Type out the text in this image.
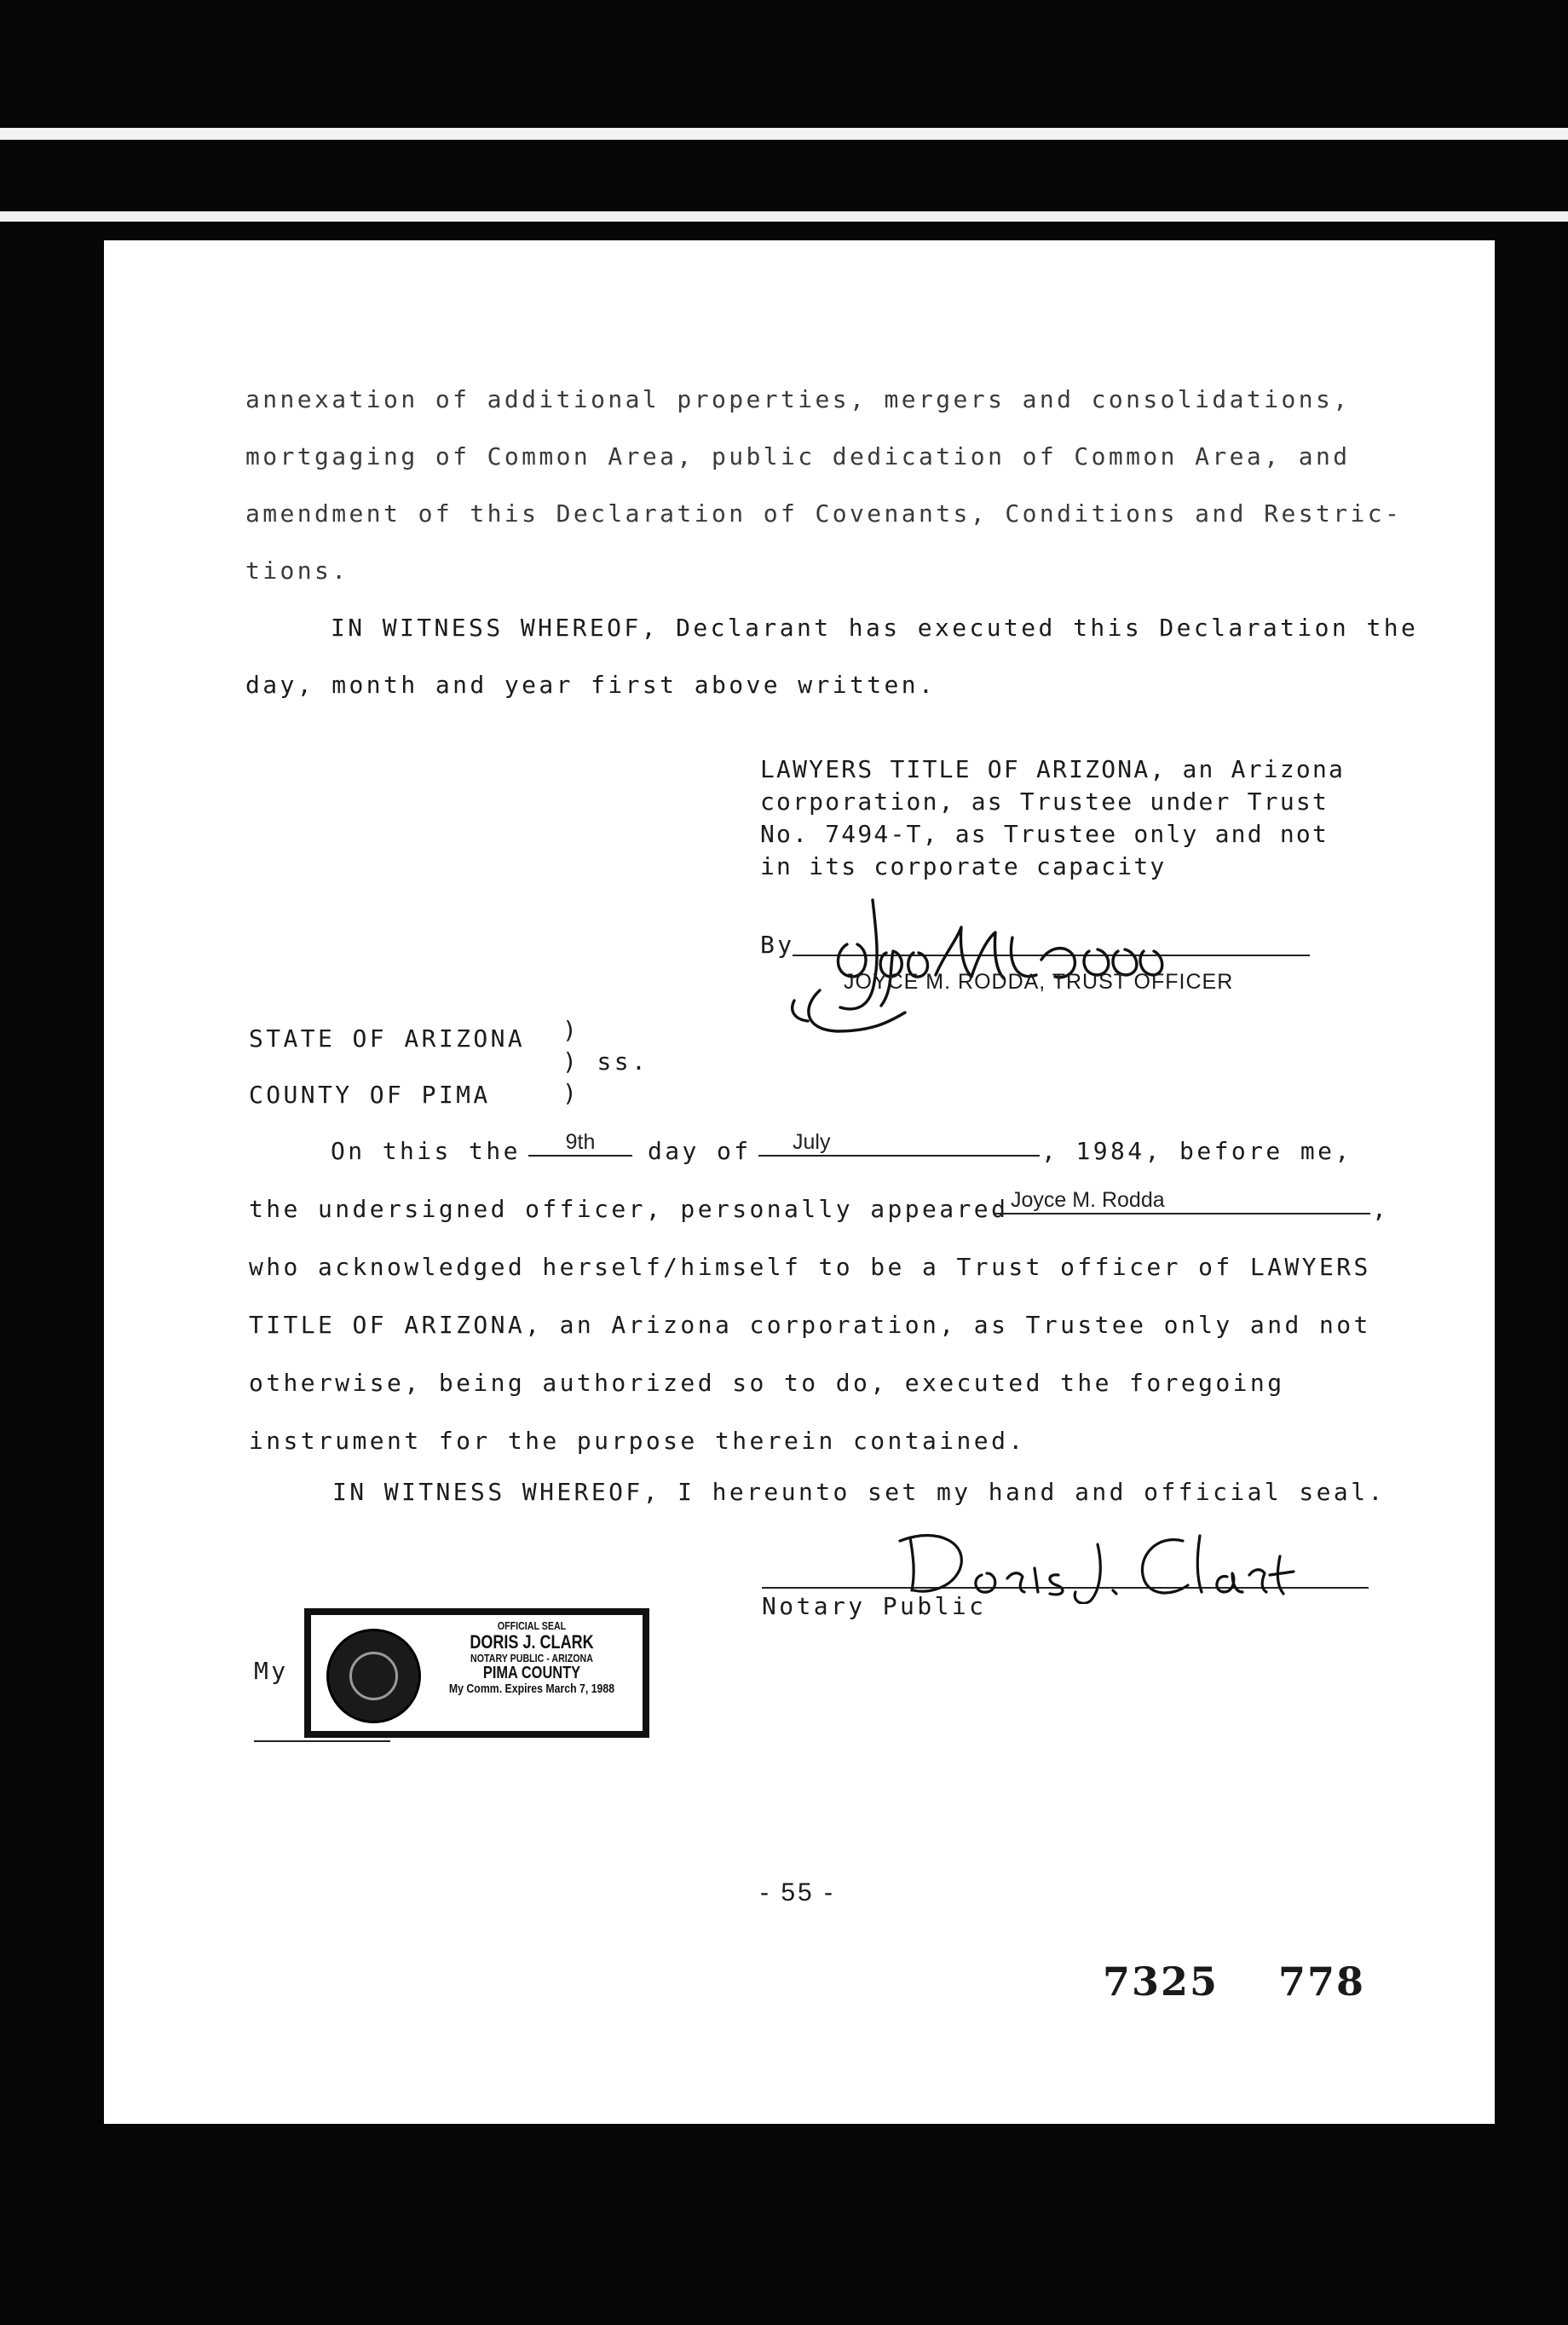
annexation of additional properties, mergers and consolidations,
mortgaging of Common Area, public dedication of Common Area, and
amendment of this Declaration of Covenants, Conditions and Restric-
tions.
IN WITNESS WHEREOF, Declarant has executed this Declaration the
day, month and year first above written.
LAWYERS TITLE OF ARIZONA, an Arizona
corporation, as Trustee under Trust
No. 7494-T, as Trustee only and not
in its corporate capacity
By
JOYCE M. RODDA, TRUST OFFICER
STATE OF ARIZONA )
) ss.
)
COUNTY OF PIMA
On this the	9th	day of	July	, 1984, before me,
the undersigned officer, personally appeared Joyce M. Rodda	,
who acknowledged herself/himself to be a Trust officer of LAWYERS
TITLE OF ARIZONA, an Arizona corporation, as Trustee only and not
otherwise, being authorized so to do, executed the foregoing
instrument for the purpose therein contained.
IN WITNESS WHEREOF, I hereunto set my hand and official seal.
Notary Public
My
OFFICIAL SEAL
DORIS J. CLARK
NOTARY PUBLIC - ARIZONA
PIMA COUNTY
My Comm. Expires March 7, 1988
- 55 -
7325 778
